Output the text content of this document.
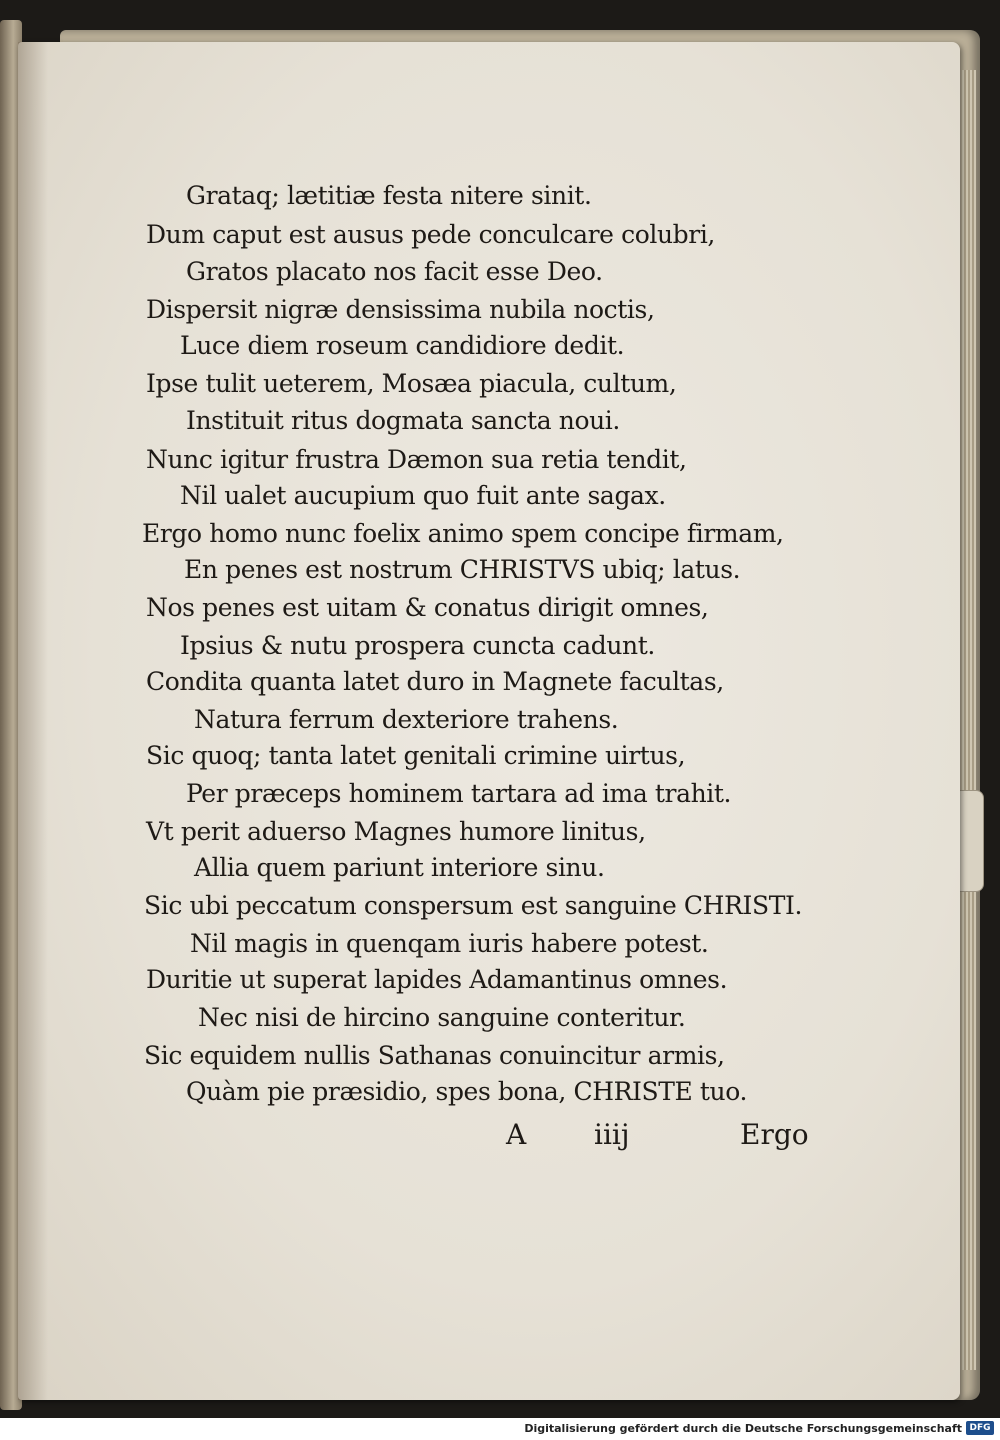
Grataq; lætitiæ festa nitere sinit.
Dum caput est ausus pede conculcare colubri,
Gratos placato nos facit esse Deo.
Dispersit nigræ densissima nubila noctis,
Luce diem roseum candidiore dedit.
Ipse tulit ueterem, Mosæa piacula, cultum,
Instituit ritus dogmata sancta noui.
Nunc igitur frustra Dæmon sua retia tendit,
Nil ualet aucupium quo fuit ante sagax.
Ergo homo nunc foelix animo spem concipe firmam,
En penes est nostrum CHRISTVS ubiq; latus.
Nos penes est uitam & conatus dirigit omnes,
Ipsius & nutu prospera cuncta cadunt.
Condita quanta latet duro in Magnete facultas,
Natura ferrum dexteriore trahens.
Sic quoq; tanta latet genitali crimine uirtus,
Per præceps hominem tartara ad ima trahit.
Vt perit aduerso Magnes humore linitus,
Allia quem pariunt interiore sinu.
Sic ubi peccatum conspersum est sanguine CHRISTI.
Nil magis in quenqam iuris habere potest.
Duritie ut superat lapides Adamantinus omnes.
Nec nisi de hircino sanguine conteritur.
Sic equidem nullis Sathanas conuincitur armis,
Quàm pie præsidio, spes bona, CHRISTE tuo.
A iiij	Ergo
Digitalisierung gefördert durch die Deutsche Forschungsgemeinschaft DFG
